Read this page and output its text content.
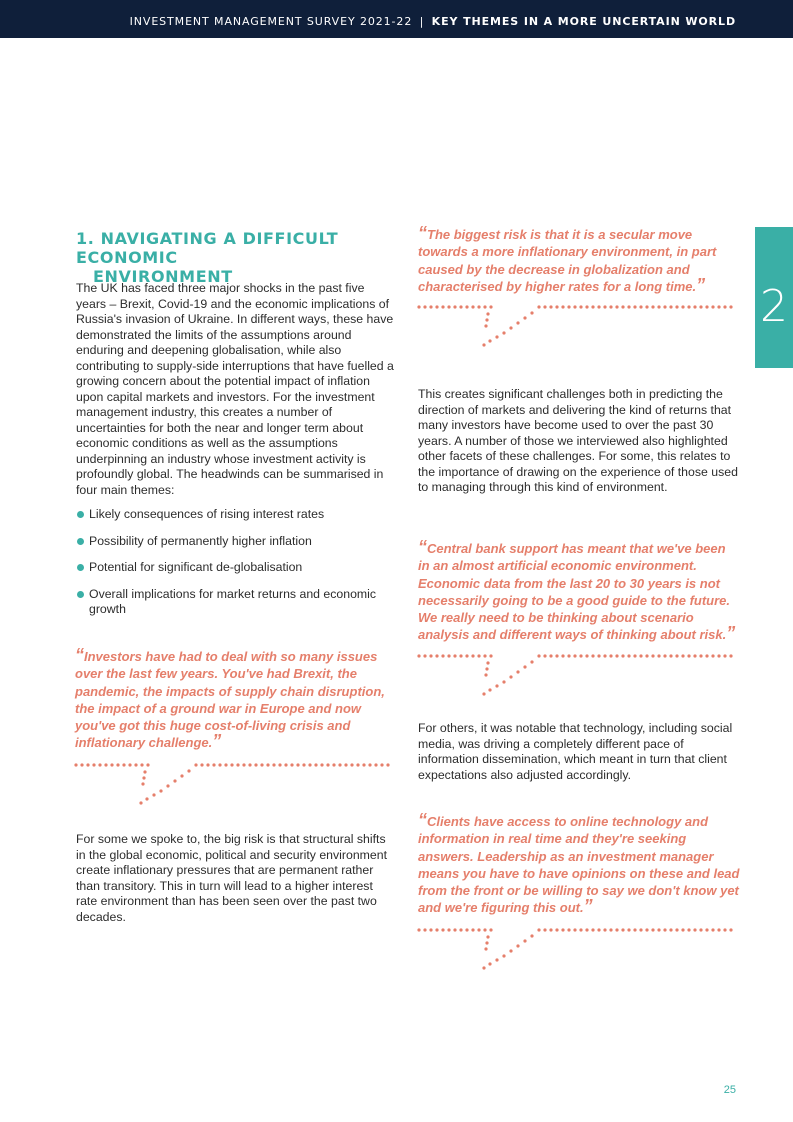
INVESTMENT MANAGEMENT SURVEY 2021-22 | KEY THEMES IN A MORE UNCERTAIN WORLD
2
1. NAVIGATING A DIFFICULT ECONOMIC
ENVIRONMENT

The UK has faced three major shocks in the past five years – Brexit, Covid-19 and the economic implications of Russia's invasion of Ukraine. In different ways, these have demonstrated the limits of the assumptions around enduring and deepening globalisation, while also contributing to supply-side interruptions that have fuelled a growing concern about the potential impact of inflation upon capital markets and investors. For the investment management industry, this creates a number of uncertainties for both the near and longer term about economic conditions as well as the assumptions underpinning an industry whose investment activity is profoundly global. The headwinds can be summarised in four main themes:

Likely consequences of rising interest rates
Possibility of permanently higher inflation
Potential for significant de-globalisation
Overall implications for market returns and economic growth

“Investors have had to deal with so many issues over the last few years. You've had Brexit, the pandemic, the impacts of supply chain disruption, the impact of a ground war in Europe and now you've got this huge cost-of-living crisis and inflationary challenge.”

For some we spoke to, the big risk is that structural shifts in the global economic, political and security environment create inflationary pressures that are permanent rather than transitory. This in turn will lead to a higher interest rate environment than has been seen over the past two decades.

“The biggest risk is that it is a secular move towards a more inflationary environment, in part caused by the decrease in globalization and characterised by higher rates for a long time.”

This creates significant challenges both in predicting the direction of markets and delivering the kind of returns that many investors have become used to over the past 30 years. A number of those we interviewed also highlighted other facets of these challenges. For some, this relates to the importance of drawing on the experience of those used to managing through this kind of environment.

“Central bank support has meant that we've been in an almost artificial economic environment. Economic data from the last 20 to 30 years is not necessarily going to be a good guide to the future. We really need to be thinking about scenario analysis and different ways of thinking about risk.”

For others, it was notable that technology, including social media, was driving a completely different pace of information dissemination, which meant in turn that client expectations also adjusted accordingly.

“Clients have access to online technology and information in real time and they're seeking answers. Leadership as an investment manager means you have to have opinions on these and lead from the front or be willing to say we don't know yet and we're figuring this out.”

25
